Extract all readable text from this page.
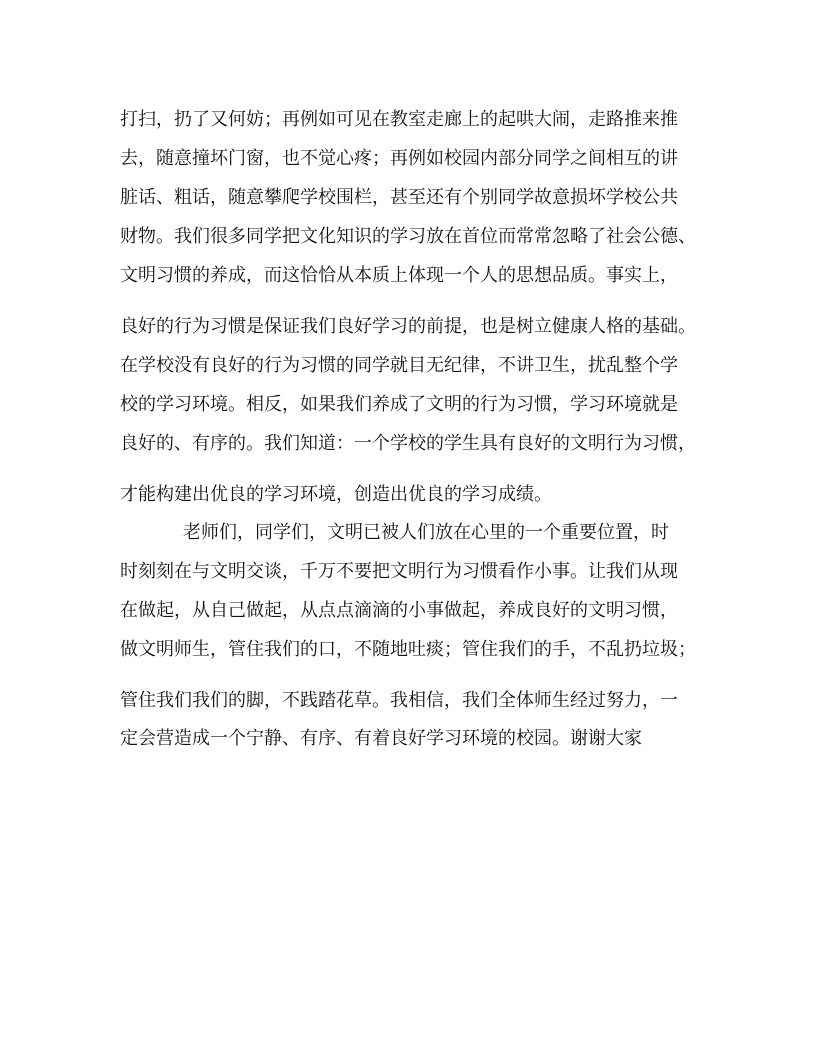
打扫，扔了又何妨；再例如可见在教室走廊上的起哄大闹，走路推来推
去，随意撞坏门窗，也不觉心疼；再例如校园内部分同学之间相互的讲
脏话、粗话，随意攀爬学校围栏，甚至还有个别同学故意损坏学校公共
财物。我们很多同学把文化知识的学习放在首位而常常忽略了社会公德、
文明习惯的养成，而这恰恰从本质上体现一个人的思想品质。事实上，
良好的行为习惯是保证我们良好学习的前提，也是树立健康人格的基础。
在学校没有良好的行为习惯的同学就目无纪律，不讲卫生，扰乱整个学
校的学习环境。相反，如果我们养成了文明的行为习惯，学习环境就是
良好的、有序的。我们知道：一个学校的学生具有良好的文明行为习惯，
才能构建出优良的学习环境，创造出优良的学习成绩。
老师们，同学们，文明已被人们放在心里的一个重要位置，时
时刻刻在与文明交谈，千万不要把文明行为习惯看作小事。让我们从现
在做起，从自己做起，从点点滴滴的小事做起，养成良好的文明习惯，
做文明师生，管住我们的口，不随地吐痰；管住我们的手，不乱扔垃圾；
管住我们我们的脚，不践踏花草。我相信，我们全体师生经过努力，一
定会营造成一个宁静、有序、有着良好学习环境的校园。谢谢大家
